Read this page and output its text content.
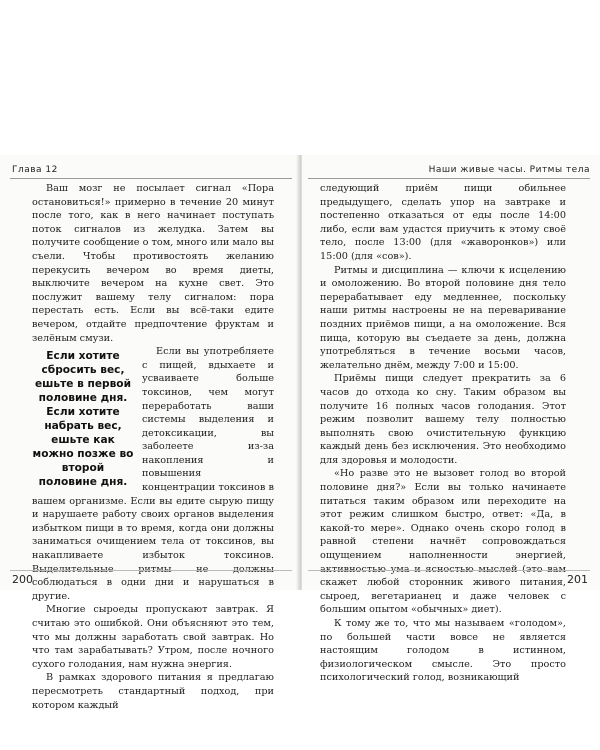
Глава 12

Ваш мозг не посылает сигнал «Пора остановиться!» примерно в течение 20 минут после того, как в него начинает поступать поток сигналов из желудка. Затем вы получите сообщение о том, много или мало вы съели. Чтобы противостоять желанию перекусить вечером во время диеты, выключите вечером на кухне свет. Это послужит вашему телу сигналом: пора перестать есть. Если вы всё-таки едите вечером, отдайте предпочтение фруктам и зелёным смузи.

Если хотите сбросить вес, ешьте в первой половине дня. Если хотите набрать вес, ешьте как можно позже во второй половине дня.

Если вы употребляете с пищей, вдыхаете и усваиваете больше токсинов, чем могут переработать ваши системы выделения и детоксикации, вы заболеете из-за накопления и повышения концентрации токсинов в вашем организме. Если вы едите сырую пищу и нарушаете работу своих органов выделения избытком пищи в то время, когда они должны заниматься очищением тела от токсинов, вы накапливаете избыток токсинов. соблюдаться в одни дни и нарушаться в другие.

Многие сыроеды пропускают завтрак. Я считаю это ошибкой. Они объясняют это тем, что мы должны заработать свой завтрак. Но что там зарабатывать? Утром, после ночного сухого голодания, нам нужна энергия.

В рамках здорового питания я предлагаю пересмотреть стандартный подход, при котором каждый

200
Наши живые часы. Ритмы тела

следующий приём пищи обильнее предыдущего, сделать упор на завтраке и постепенно отказаться от еды после 14:00 либо, если вам удастся приучить к этому своё тело, после 13:00 (для «жаворонков») или 15:00 (для «сов»).

Ритмы и дисциплина — ключи к исцелению и омоложению. Во второй половине дня тело перерабатывает еду медленнее, поскольку наши ритмы настроены не на переваривание поздних приёмов пищи, а на омоложение. Вся пища, которую вы съедаете за день, должна употребляться в течение восьми часов, желательно днём, между 7:00 и 15:00.

Приёмы пищи следует прекратить за 6 часов до отхода ко сну. Таким образом вы получите 16 полных часов голодания. Этот режим позволит вашему телу полностью выполнять свою очистительную функцию каждый день без исключения. Это необходимо для здоровья и молодости.

«Но разве это не вызовет голод во второй половине дня?» Если вы только начинаете питаться таким образом или переходите на этот режим слишком быстро, ответ: «Да, в какой-то мере». Однако очень скоро голод в равной степени начнёт сопровождаться ощущением наполненности энергией, скажет любой сторонник живого питания, сыроед, вегетарианец и даже человек с большим опытом «обычных» диет).

К тому же то, что мы называем «голодом», по большей части вовсе не является настоящим голодом в истинном, физиологическом смысле. Это просто психологический голод, возникающий

201
